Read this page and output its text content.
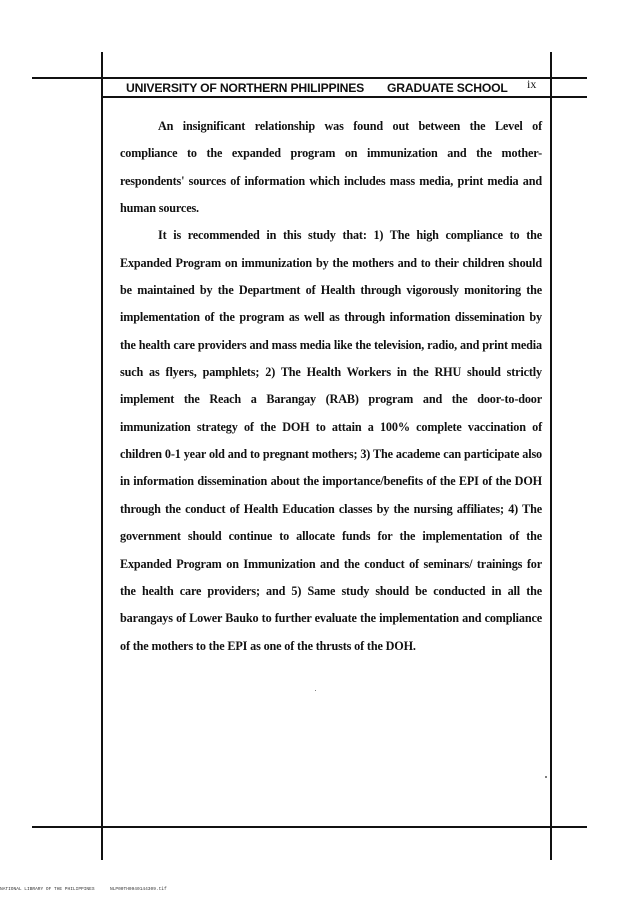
UNIVERSITY OF NORTHERN PHILIPPINES GRADUATE SCHOOL ix

An insignificant relationship was found out between the Level of compliance to the expanded program on immunization and the mother-respondents' sources of information which includes mass media, print media and human sources.

It is recommended in this study that: 1) The high compliance to the Expanded Program on immunization by the mothers and to their children should be maintained by the Department of Health through vigorously monitoring the implementation of the program as well as through information dissemination by the health care providers and mass media like the television, radio, and print media such as flyers, pamphlets; 2) The Health Workers in the RHU should strictly implement the Reach a Barangay (RAB) program and the door-to-door immunization strategy of the DOH to attain a 100% complete vaccination of children 0-1 year old and to pregnant mothers; 3) The academe can participate also in information dissemination about the importance/benefits of the EPI of the DOH through the conduct of Health Education classes by the nursing affiliates; 4) The government should continue to allocate funds for the implementation of the Expanded Program on Immunization and the conduct of seminars/ trainings for the health care providers; and 5) Same study should be conducted in all the barangays of Lower Bauko to further evaluate the implementation and compliance of the mothers to the EPI as one of the thrusts of the DOH.

NATIONAL LIBRARY OF THE PHILIPPINES	NLP00TH0940144309.tif
